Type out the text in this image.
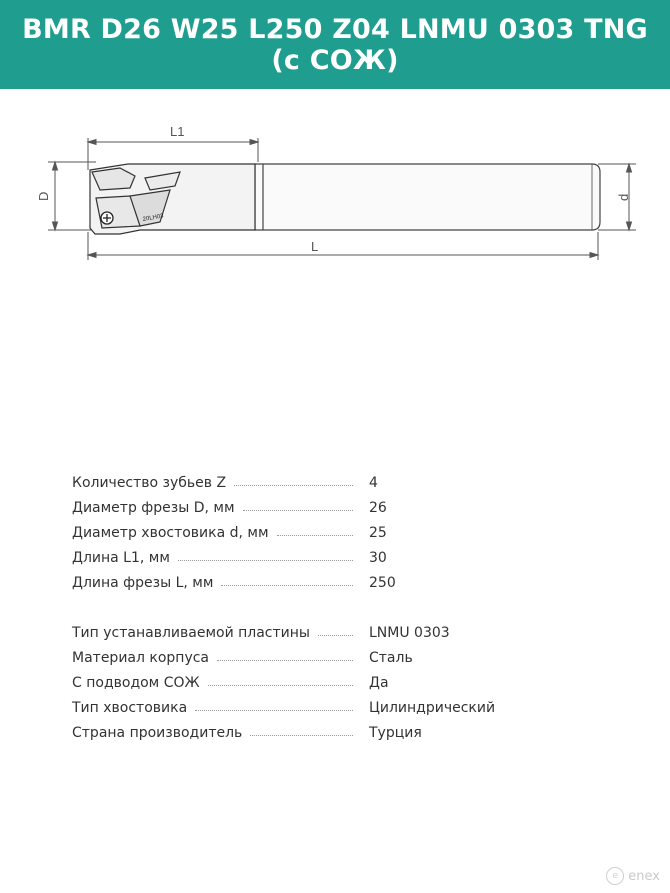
BMR D26 W25 L250 Z04 LNMU 0303 TNG (с СОЖ)
20LH03
L1
D	d
L
Количество зубьев Z	4
Диаметр фрезы D, мм	26
Диаметр хвостовика d, мм	25
Длина L1, мм	30
Длина фрезы L, мм	250
Тип устанавливаемой пластины	LNMU 0303
Материал корпуса	Сталь
С подводом СОЖ	Да
Тип хвостовика	Цилиндрический
Страна производитель	Турция
e enex
